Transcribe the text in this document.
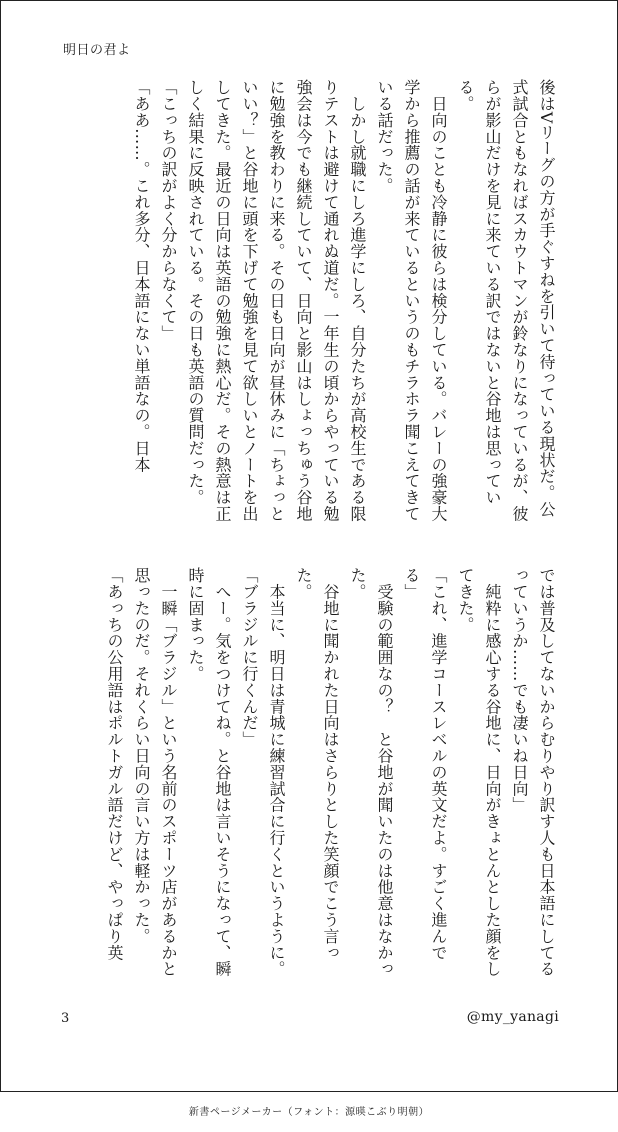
明日の君よ

後はVリーグの方が手ぐすねを引いて待っている現状だ。公式試合ともなればスカウトマンが鈴なりになっているが、彼らが影山だけを見に来ている訳ではないと谷地は思っている。

　日向のことも冷静に彼らは検分している。バレーの強豪大学から推薦の話が来ているというのもチラホラ聞こえてきている話だった。

　しかし就職にしろ進学にしろ、自分たちが高校生である限りテストは避けて通れぬ道だ。一年生の頃からやっている勉強会は今でも継続していて、日向と影山はしょっちゅう谷地に勉強を教わりに来る。その日も日向が昼休みに「ちょっといい？」と谷地に頭を下げて勉強を見て欲しいとノートを出してきた。最近の日向は英語の勉強に熱心だ。その熱意は正しく結果に反映されている。その日も英語の質問だった。

「こっちの訳がよく分からなくて」

「ああ……。これ多分、日本語にない単語なの。日本

では普及してないからむりやり訳す人も日本語にしてるっていうか……でも凄いね日向」

　純粋に感心する谷地に、日向がきょとんとした顔をしてきた。

「これ、進学コースレベルの英文だよ。すごく進んでる」

　受験の範囲なの？　と谷地が聞いたのは他意はなかった。

　谷地に聞かれた日向はさらりとした笑顔でこう言った。

　本当に、明日は青城に練習試合に行くというように。

「ブラジルに行くんだ」

　へー。気をつけてね。と谷地は言いそうになって、瞬時に固まった。

　一瞬「ブラジル」という名前のスポーツ店があるかと思ったのだ。それくらい日向の言い方は軽かった。

「あっちの公用語はポルトガル語だけど、やっぱり英

3	@my_yanagi
新書ページメーカー（フォント：源暎こぶり明朝）
